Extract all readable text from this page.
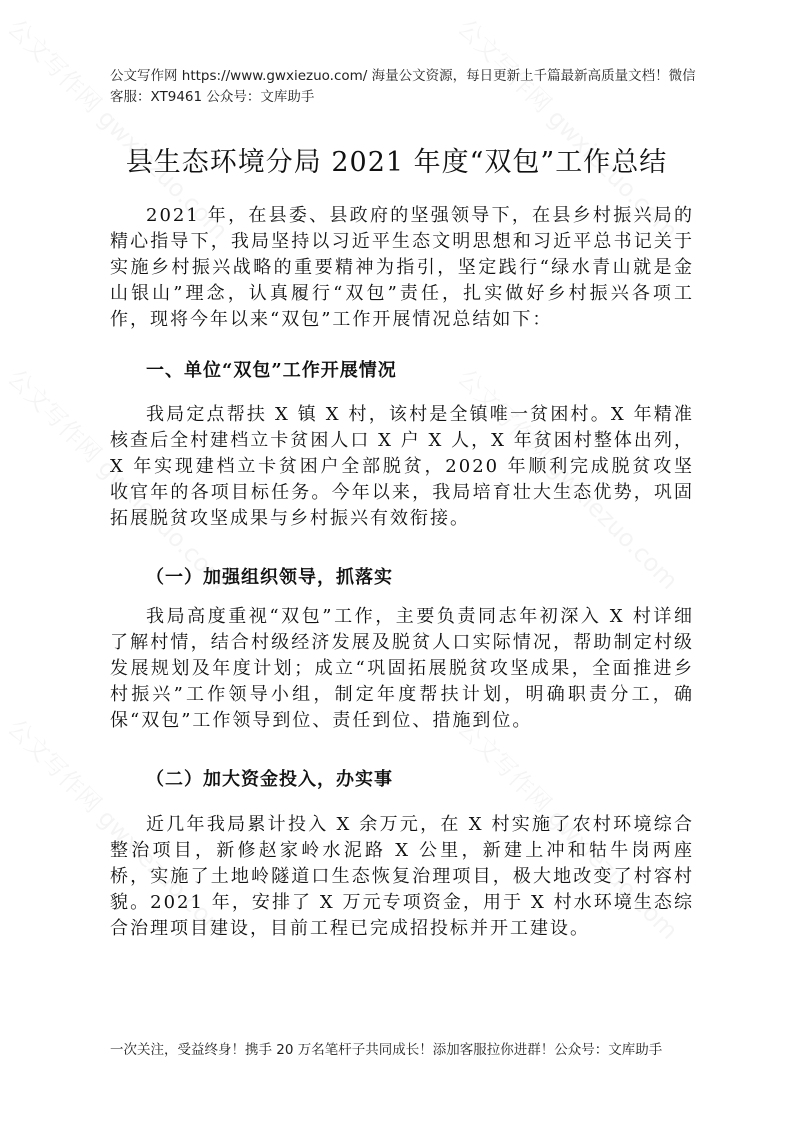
公文写作网 https://www.gwxiezuo.com/ 海量公文资源，每日更新上千篇最新高质量文档！微信客服：XT9461 公众号：文库助手
县生态环境分局 2021 年度“双包”工作总结

2021 年，在县委、县政府的坚强领导下，在县乡村振兴局的精心指导下，我局坚持以习近平生态文明思想和习近平总书记关于实施乡村振兴战略的重要精神为指引，坚定践行“绿水青山就是金山银山”理念，认真履行“双包”责任，扎实做好乡村振兴各项工作，现将今年以来“双包”工作开展情况总结如下：

一、单位“双包”工作开展情况

我局定点帮扶 X 镇 X 村，该村是全镇唯一贫困村。X 年精准核查后全村建档立卡贫困人口 X 户 X 人，X 年贫困村整体出列，X 年实现建档立卡贫困户全部脱贫，2020 年顺利完成脱贫攻坚收官年的各项目标任务。今年以来，我局培育壮大生态优势，巩固拓展脱贫攻坚成果与乡村振兴有效衔接。

（一）加强组织领导，抓落实

我局高度重视“双包”工作，主要负责同志年初深入 X 村详细了解村情，结合村级经济发展及脱贫人口实际情况，帮助制定村级发展规划及年度计划；成立“巩固拓展脱贫攻坚成果，全面推进乡村振兴”工作领导小组，制定年度帮扶计划，明确职责分工，确保“双包”工作领导到位、责任到位、措施到位。

（二）加大资金投入，办实事

近几年我局累计投入 X 余万元，在 X 村实施了农村环境综合整治项目，新修赵家岭水泥路 X 公里，新建上冲和牯牛岗两座桥，实施了土地岭隧道口生态恢复治理项目，极大地改变了村容村貌。2021 年，安排了 X 万元专项资金，用于 X 村水环境生态综合治理项目建设，目前工程已完成招投标并开工建设。

一次关注，受益终身！携手 20 万名笔杆子共同成长！添加客服拉你进群！公众号：文库助手
